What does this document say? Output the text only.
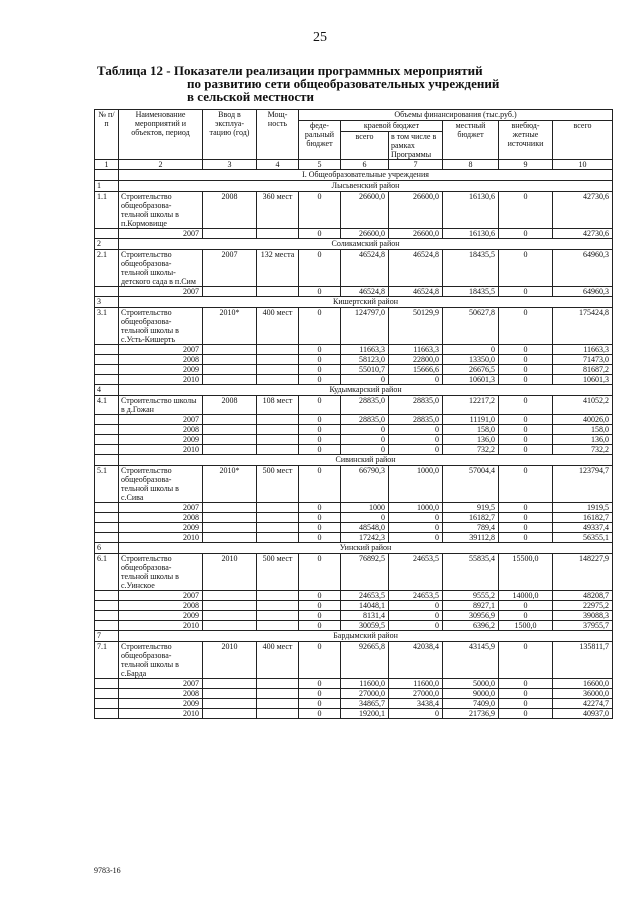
25
Таблица 12 - Показатели реализации программных мероприятий
по развитию сети общеобразовательных учреждений
в сельской местности
№ п/п	Наименование мероприятий и объектов, период	Ввод в эксплуа- тацию (год)	Мощ- ность	Объемы финансирования (тыс.руб.)					
				феде- ральный бюджет	краевой бюджет		местный бюджет	внебюд- жетные источники	всего
					всего	в том числе в рамках Программы			
1	2	3	4	5	6	7	8	9	10
	I. Общеобразовательные учреждения								
1	Лысьвенский район								
1.1	Строительство общеобразова- тельной школы в п.Кормовище	2008	360 мест	0	26600,0	26600,0	16130,6	0	42730,6
	2007			0	26600,0	26600,0	16130,6	0	42730,6
2	Соликамский район								
2.1	Строительство общеобразова- тельной школы- детского сада в п.Сим	2007	132 места	0	46524,8	46524,8	18435,5	0	64960,3
	2007			0	46524,8	46524,8	18435,5	0	64960,3
3	Кишертский район								
3.1	Строительство общеобразова- тельной школы в с.Усть-Кишерть	2010*	400 мест	0	124797,0	50129,9	50627,8	0	175424,8
	2007			0	11663,3	11663,3	0	0	11663,3
	2008			0	58123,0	22800,0	13350,0	0	71473,0
	2009			0	55010,7	15666,6	26676,5	0	81687,2
	2010			0	0	0	10601,3	0	10601,3
4	Кудымкарский район								
4.1	Строительство школы в д.Гожан	2008	108 мест	0	28835,0	28835,0	12217,2	0	41052,2
	2007			0	28835,0	28835,0	11191,0	0	40026,0
	2008			0	0	0	158,0	0	158,0
	2009			0	0	0	136,0	0	136,0
	2010			0	0	0	732,2	0	732,2
	Сивинский район								
5.1	Строительство общеобразова- тельной школы в с.Сива	2010*	500 мест	0	66790,3	1000,0	57004,4	0	123794,7
	2007			0	1000	1000,0	919,5	0	1919,5
	2008			0	0	0	16182,7	0	16182,7
	2009			0	48548,0	0	789,4	0	49337,4
	2010			0	17242,3	0	39112,8	0	56355,1
6	Уинский район								
6.1	Строительство общеобразова- тельной школы в с.Уинское	2010	500 мест	0	76892,5	24653,5	55835,4	15500,0	148227,9
	2007			0	24653,5	24653,5	9555,2	14000,0	48208,7
	2008			0	14048,1	0	8927,1	0	22975,2
	2009			0	8131,4	0	30956,9	0	39088,3
	2010			0	30059,5	0	6396,2	1500,0	37955,7
7	Бардымский район								
7.1	Строительство общеобразова- тельной школы в с.Барда	2010	400 мест	0	92665,8	42038,4	43145,9	0	135811,7
	2007			0	11600,0	11600,0	5000,0	0	16600,0
	2008			0	27000,0	27000,0	9000,0	0	36000,0
	2009			0	34865,7	3438,4	7409,0	0	42274,7
	2010			0	19200,1	0	21736,9	0	40937,0
9783-16
